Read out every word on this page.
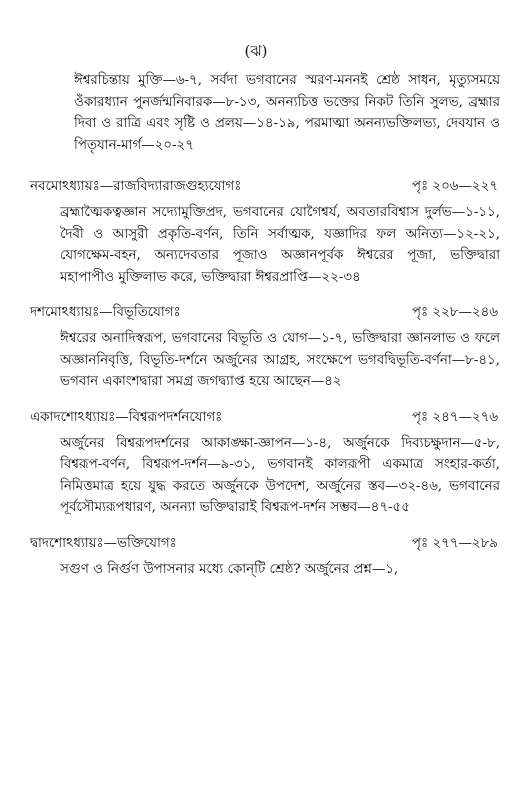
(ঝ)
ঈশ্বরচিন্তায় মুক্তি—৬-৭, সর্বদা ভগবানের স্মরণ-মননই শ্রেষ্ঠ সাধন, মৃত্যুসময়ে ওঁকারধ্যান পুনর্জন্মনিবারক—৮-১৩, অনন্যচিত্ত ভক্তের নিকট তিনি সুলভ, ব্রহ্মার দিবা ও রাত্রি এবং সৃষ্টি ও প্রলয়—১৪-১৯, পরমাত্মা অনন্যভক্তিলভ্য, দেবযান ও পিতৃযান-মার্গ—২০-২৭
নবমোঽধ্যায়ঃ—রাজবিদ্যারাজগুহ্যযোগঃ	পৃঃ ২০৬—২২৭
ব্রহ্মাত্মৈকত্বজ্ঞান সদ্যোমুক্তিপ্রদ, ভগবানের যোগৈশ্বর্য, অবতারবিশ্বাস দুর্লভ—১-১১, দৈবী ও আসুরী প্রকৃতি-বর্ণন, তিনি সর্বাত্মক, যজ্ঞাদির ফল অনিত্য—১২-২১, যোগক্ষেম-বহন, অন্যদেবতার পূজাও অজ্ঞানপূর্বক ঈশ্বরের পূজা, ভক্তিদ্বারা মহাপাপীও মুক্তিলাভ করে, ভক্তিদ্বারা ঈশ্বরপ্রাপ্তি—২২-৩৪
দশমোঽধ্যায়ঃ—বিভূতিযোগঃ	পৃঃ ২২৮—২৪৬
ঈশ্বরের অনাদিস্বরূপ, ভগবানের বিভূতি ও যোগ—১-৭, ভক্তিদ্বারা জ্ঞানলাভ ও ফলে অজ্ঞাননিবৃত্তি, বিভূতি-দর্শনে অর্জুনের আগ্রহ, সংক্ষেপে ভগবদ্বিভূতি-বর্ণনা—৮-৪১, ভগবান একাংশদ্বারা সমগ্র জগদ্ব্যাপ্ত হয়ে আছেন—৪২
একাদশোঽধ্যায়ঃ—বিশ্বরূপদর্শনযোগঃ	পৃঃ ২৪৭—২৭৬
অর্জুনের বিশ্বরূপদর্শনের আকাঙ্ক্ষা-জ্ঞাপন—১-৪, অর্জুনকে দিব্যচক্ষুদান—৫-৮, বিশ্বরূপ-বর্ণন, বিশ্বরূপ-দর্শন—৯-৩১, ভগবানই কালরূপী একমাত্র সংহার-কর্তা, নিমিত্তমাত্র হয়ে যুদ্ধ করতে অর্জুনকে উপদেশ, অর্জুনের স্তব—৩২-৪৬, ভগবানের পূর্বসৌম্যরূপধারণ, অনন্যা ভক্তিদ্বারাই বিশ্বরূপ-দর্শন সম্ভব—৪৭-৫৫
দ্বাদশোঽধ্যায়ঃ—ভক্তিযোগঃ	পৃঃ ২৭৭—২৮৯
সগুণ ও নির্গুণ উপাসনার মধ্যে কোন্‌টি শ্রেষ্ঠ? অর্জুনের প্রশ্ন—১,
